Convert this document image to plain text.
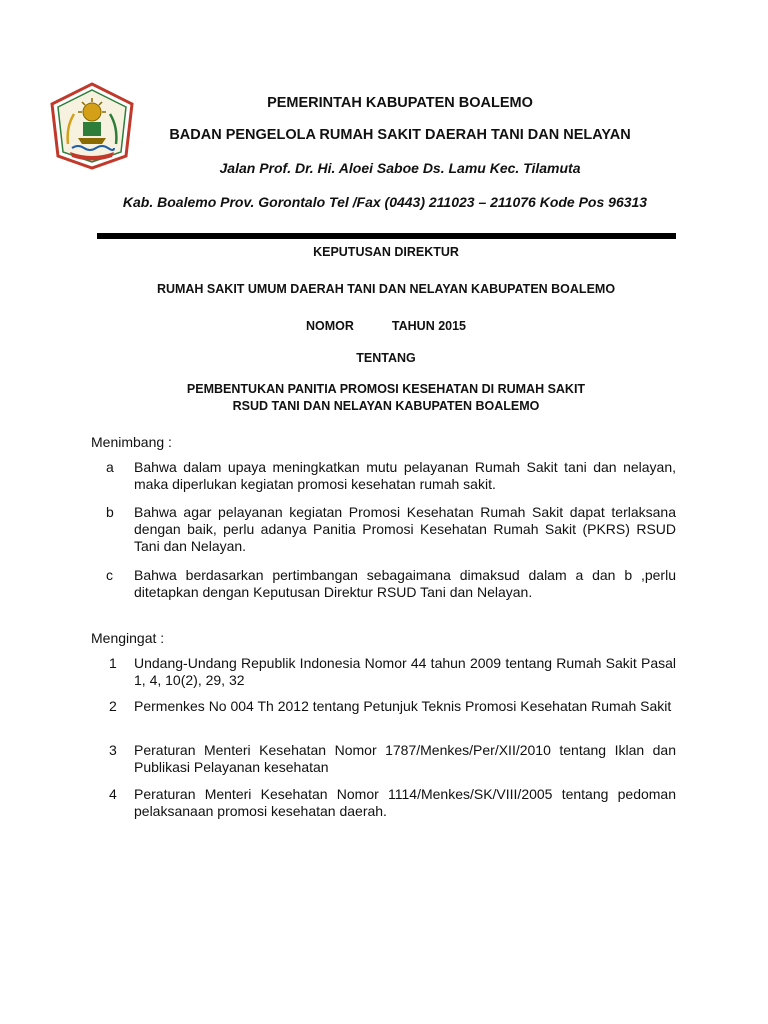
PEMERINTAH KABUPATEN BOALEMO
BADAN PENGELOLA RUMAH SAKIT DAERAH TANI DAN NELAYAN
Jalan Prof. Dr. Hi. Aloei Saboe Ds. Lamu Kec. Tilamuta
Kab. Boalemo Prov. Gorontalo Tel /Fax (0443) 211023 – 211076 Kode Pos 96313
KEPUTUSAN DIREKTUR
RUMAH SAKIT UMUM DAERAH TANI DAN NELAYAN KABUPATEN BOALEMO
NOMOR	TAHUN 2015
TENTANG
PEMBENTUKAN PANITIA PROMOSI KESEHATAN DI RUMAH SAKIT
RSUD TANI DAN NELAYAN KABUPATEN BOALEMO
Menimbang :
a	Bahwa dalam upaya meningkatkan mutu pelayanan Rumah Sakit tani dan nelayan, maka diperlukan kegiatan promosi kesehatan rumah sakit.
b	Bahwa agar pelayanan kegiatan Promosi Kesehatan Rumah Sakit dapat terlaksana dengan baik, perlu adanya Panitia Promosi Kesehatan Rumah Sakit (PKRS) RSUD Tani dan Nelayan.
c	Bahwa berdasarkan pertimbangan sebagaimana dimaksud dalam a dan b ,perlu ditetapkan dengan Keputusan Direktur RSUD Tani dan Nelayan.
Mengingat :
1	Undang-Undang Republik Indonesia Nomor 44 tahun 2009 tentang Rumah Sakit Pasal 1, 4, 10(2), 29, 32
2	Permenkes No 004 Th 2012 tentang Petunjuk Teknis Promosi Kesehatan Rumah Sakit
3	Peraturan Menteri Kesehatan Nomor 1787/Menkes/Per/XII/2010 tentang Iklan dan Publikasi Pelayanan kesehatan
4	Peraturan Menteri Kesehatan Nomor 1114/Menkes/SK/VIII/2005 tentang pedoman pelaksanaan promosi kesehatan daerah.
